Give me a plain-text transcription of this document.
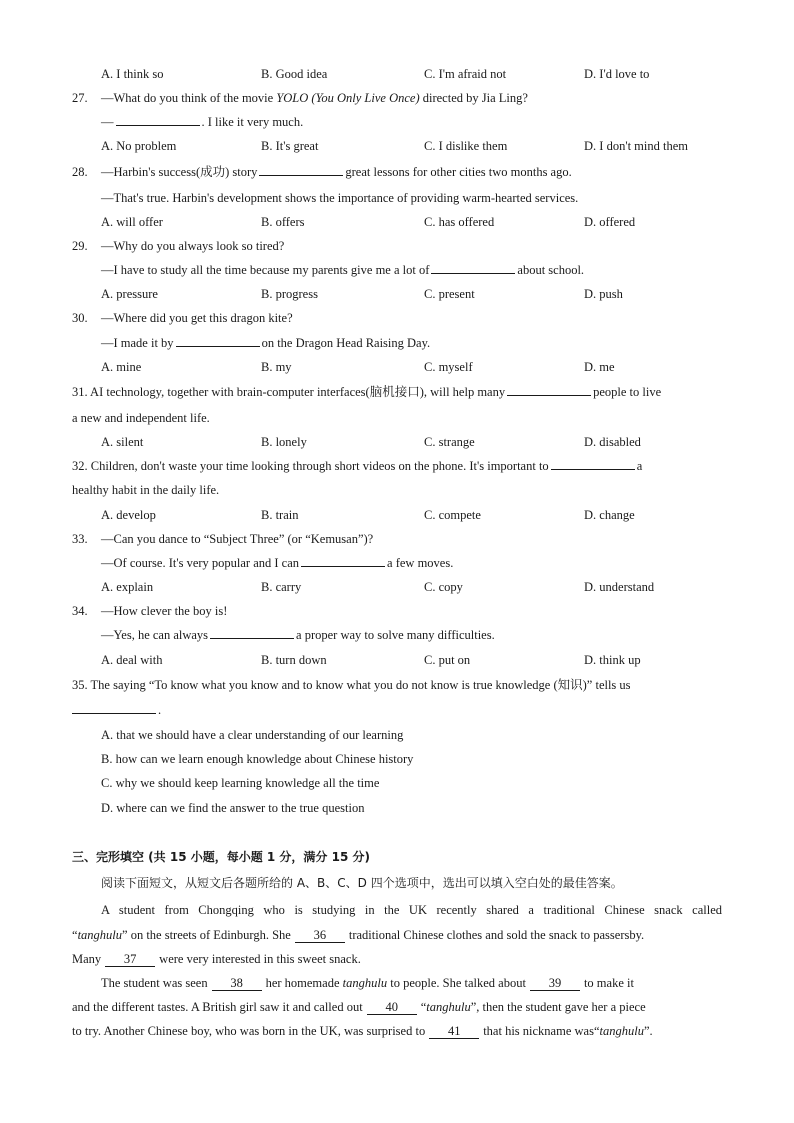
A. I think so	B. Good idea	C. I'm afraid not	D. I'd love to
27. —What do you think of the movie YOLO (You Only Live Once) directed by Jia Ling?
—	. I like it very much.
A. No problem	B. It's great	C. I dislike them	D. I don't mind them
28. —Harbin's success(成功) story	great lessons for other cities two months ago.
—That's true. Harbin's development shows the importance of providing warm-hearted services.
A. will offer	B. offers	C. has offered	D. offered
29. —Why do you always look so tired?
—I have to study all the time because my parents give me a lot of	about school.
A. pressure	B. progress	C. present	D. push
30. —Where did you get this dragon kite?
—I made it by	on the Dragon Head Raising Day.
A. mine	B. my	C. myself	D. me
31. AI technology, together with brain-computer interfaces(脑机接口), will help many	people to live
a new and independent life.
A. silent	B. lonely	C. strange	D. disabled
32. Children, don't waste your time looking through short videos on the phone. It's important to	a
healthy habit in the daily life.
A. develop	B. train	C. compete	D. change
33. —Can you dance to “Subject Three” (or “Kemusan”)?
—Of course. It's very popular and I can	a few moves.
A. explain	B. carry	C. copy	D. understand
34. —How clever the boy is!
—Yes, he can always	a proper way to solve many difficulties.
A. deal with	B. turn down	C. put on	D. think up
35. The saying “To know what you know and to know what you do not know is true knowledge (知识)” tells us
.
A. that we should have a clear understanding of our learning
B. how can we learn enough knowledge about Chinese history
C. why we should keep learning knowledge all the time
D. where can we find the answer to the true question
三、完形填空 (共 15 小题，每小题 1 分，满分 15 分)
阅读下面短文，从短文后各题所给的 A、B、C、D 四个选项中，选出可以填入空白处的最佳答案。
A student from Chongqing who is studying in the UK recently shared a traditional Chinese snack called
“tanghulu” on the streets of Edinburgh. She 36 traditional Chinese clothes and sold the snack to passersby.
Many 37 were very interested in this sweet snack.
The student was seen 38 her homemade tanghulu to people. She talked about 39 to make it
and the different tastes. A British girl saw it and called out 40 “tanghulu”, then the student gave her a piece
to try. Another Chinese boy, who was born in the UK, was surprised to 41 that his nickname was“tanghulu”.
